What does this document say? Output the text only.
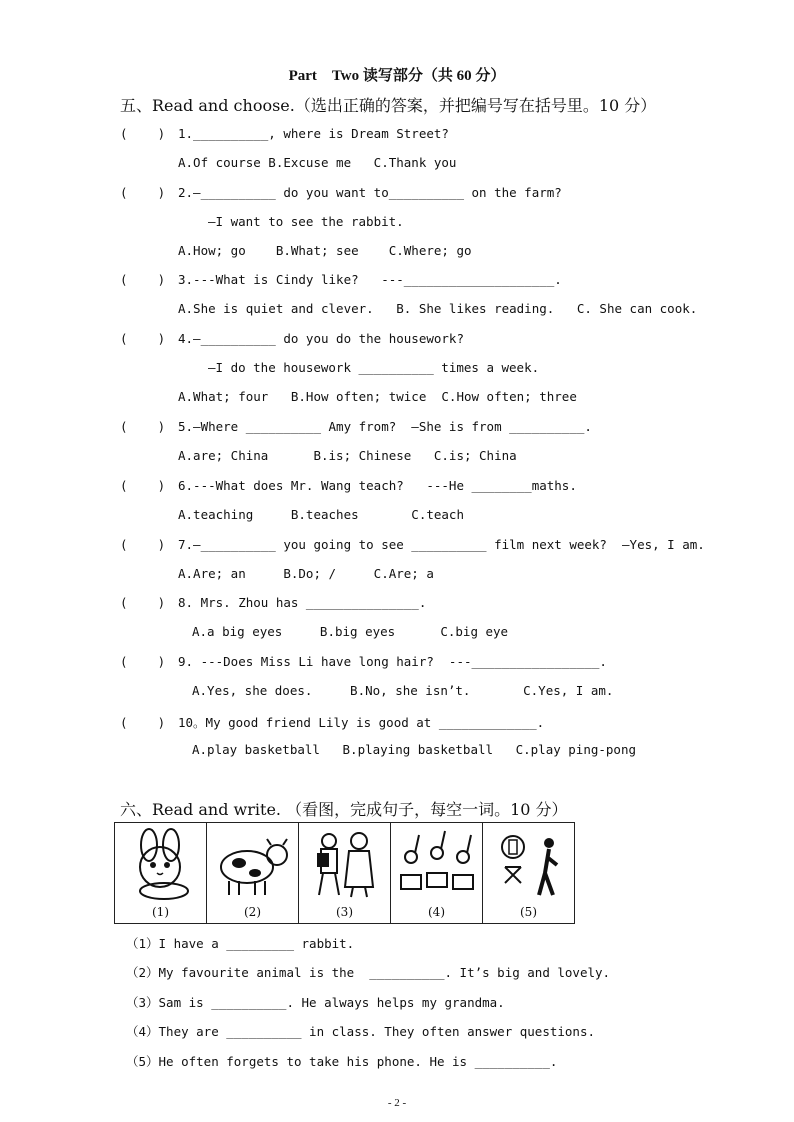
Part　Two 读写部分（共 60 分）
五、Read and choose.（选出正确的答案，并把编号写在括号里。10 分）
(    ) 1.__________, where is Dream Street?
A.Of course B.Excuse me   C.Thank you
(    ) 2.—__________ do you want to__________ on the farm?
—I want to see the rabbit.
A.How; go    B.What; see    C.Where; go
(    ) 3.---What is Cindy like?   ---____________________.
A.She is quiet and clever.   B. She likes reading.   C. She can cook.
(    ) 4.—__________ do you do the housework?
—I do the housework __________ times a week.
A.What; four   B.How often; twice  C.How often; three
(    ) 5.—Where __________ Amy from?  —She is from __________.
A.are; China      B.is; Chinese   C.is; China
(    ) 6.---What does Mr. Wang teach?   ---He ________maths.
A.teaching     B.teaches       C.teach
(    ) 7.—__________ you going to see __________ film next week?  —Yes, I am.
A.Are; an     B.Do; /     C.Are; a
(    ) 8. Mrs. Zhou has _______________.
A.a big eyes     B.big eyes      C.big eye
(    ) 9. ---Does Miss Li have long hair?  ---_________________.
A.Yes, she does.     B.No, she isn’t.       C.Yes, I am.
(    ) 10。My good friend Lily is good at _____________.
A.play basketball   B.playing basketball   C.play ping-pong
六、Read and write. （看图，完成句子，每空一词。10 分）
(1)	(2)	(3)	(4)	(5)
（1）I have a _________ rabbit.
（2）My favourite animal is the  __________. It’s big and lovely.
（3）Sam is __________. He always helps my grandma.
（4）They are __________ in class. They often answer questions.
（5）He often forgets to take his phone. He is __________.
- 2 -
